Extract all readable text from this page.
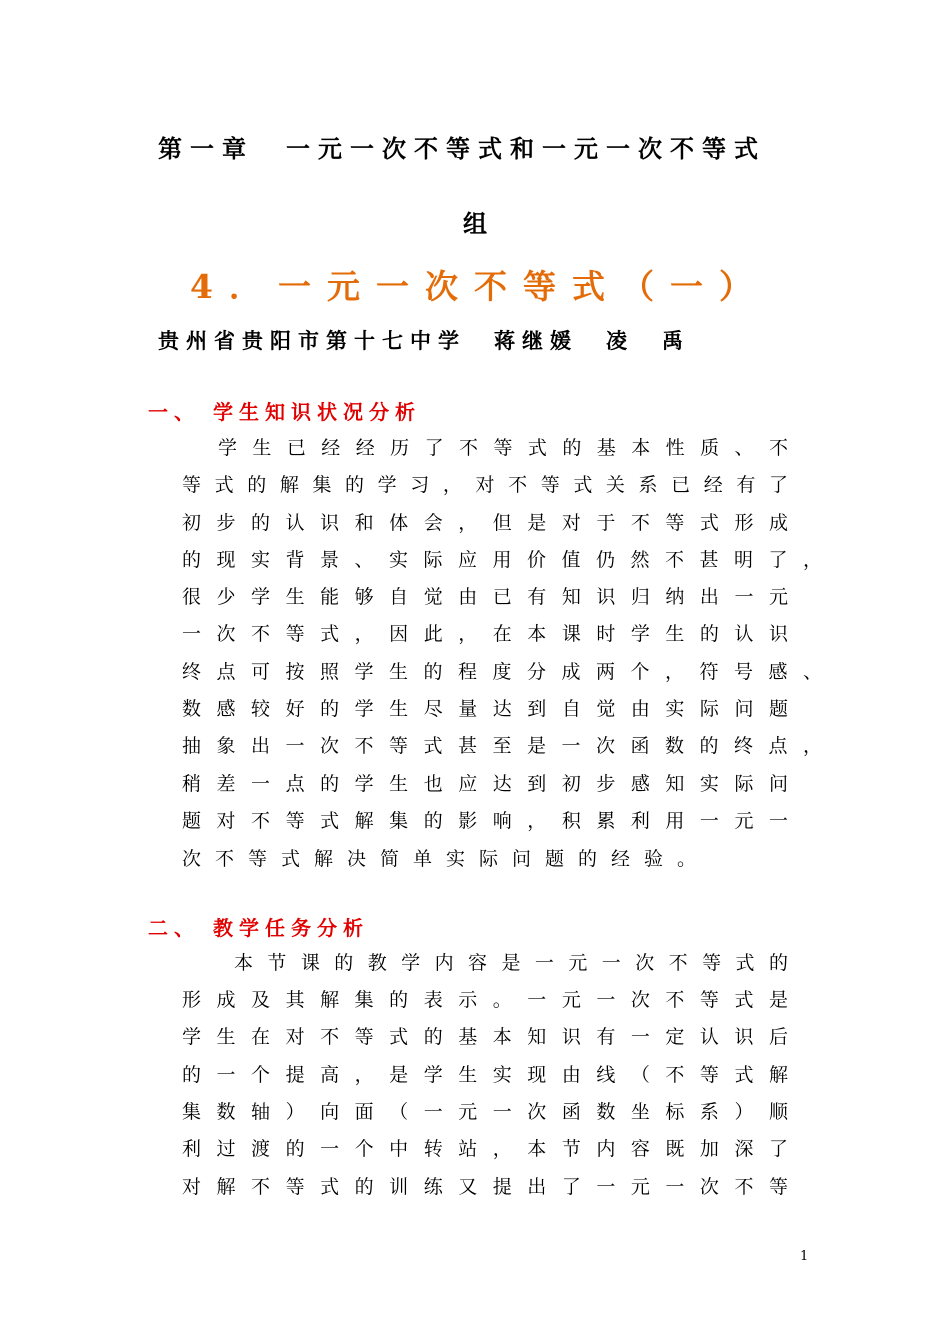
第一章　一元一次不等式和一元一次不等式
组
4．一元一次不等式（一）
贵州省贵阳市第十七中学　蒋继媛　凌　禹
一、 学生知识状况分析
学生已经经历了不等式的基本性质、不
等式的解集的学习，对不等式关系已经有了
初步的认识和体会，但是对于不等式形成
的现实背景、实际应用价值仍然不甚明了，
很少学生能够自觉由已有知识归纳出一元
一次不等式，因此，在本课时学生的认识
终点可按照学生的程度分成两个，符号感、
数感较好的学生尽量达到自觉由实际问题
抽象出一次不等式甚至是一次函数的终点，
稍差一点的学生也应达到初步感知实际问
题对不等式解集的影响，积累利用一元一
次不等式解决简单实际问题的经验。
二、 教学任务分析
本节课的教学内容是一元一次不等式的
形成及其解集的表示。一元一次不等式是
学生在对不等式的基本知识有一定认识后
的一个提高，是学生实现由线（不等式解
集数轴）向面（一元一次函数坐标系）顺
利过渡的一个中转站，本节内容既加深了
对解不等式的训练又提出了一元一次不等
1
